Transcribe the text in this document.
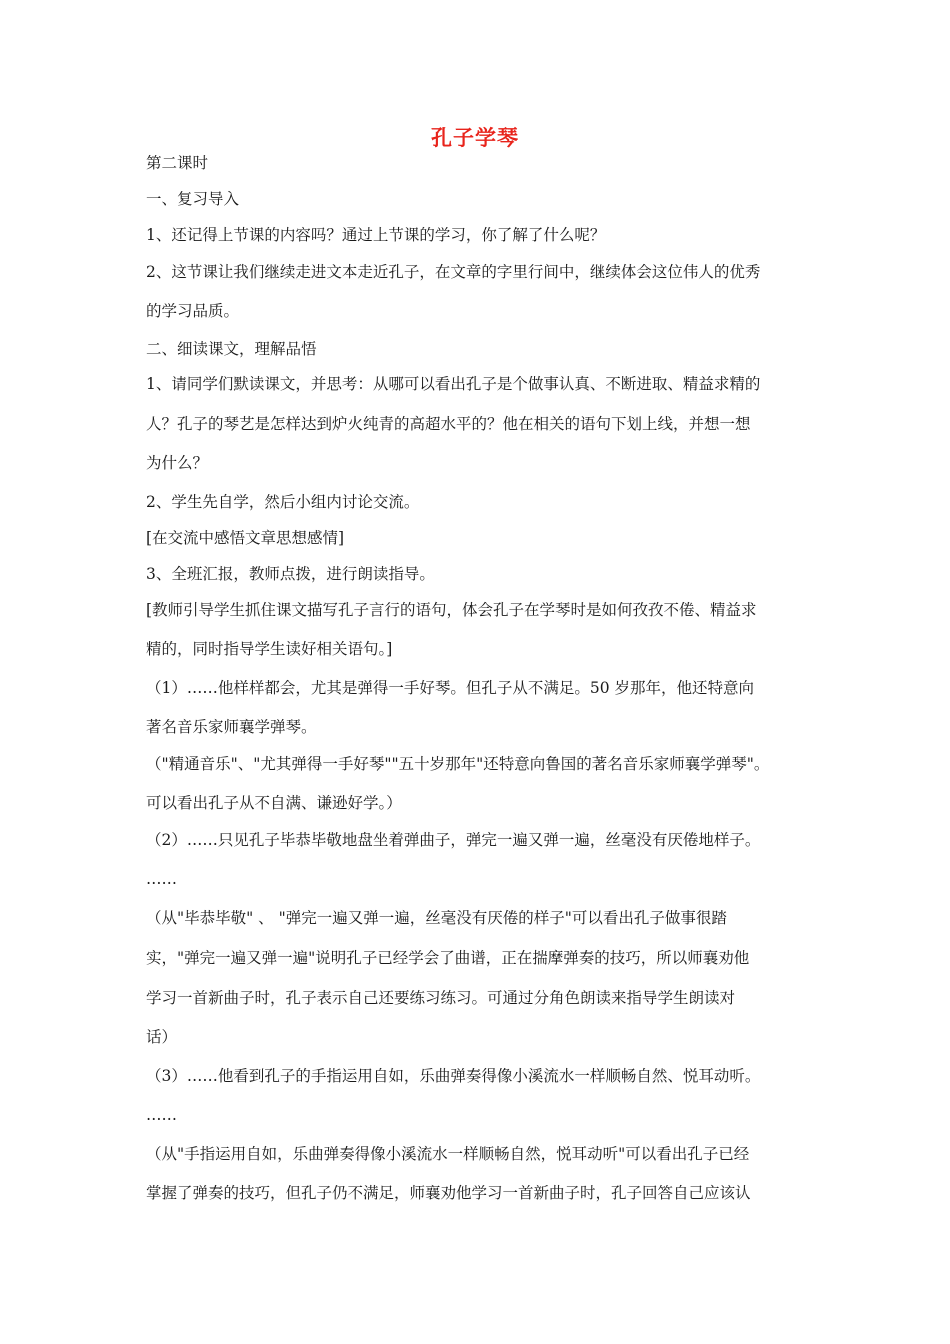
孔子学琴

第二课时

一、复习导入

1、还记得上节课的内容吗？通过上节课的学习，你了解了什么呢？

2、这节课让我们继续走进文本走近孔子，在文章的字里行间中，继续体会这位伟人的优秀

的学习品质。

二、细读课文，理解品悟

1、请同学们默读课文，并思考：从哪可以看出孔子是个做事认真、不断进取、精益求精的

人？孔子的琴艺是怎样达到炉火纯青的高超水平的？他在相关的语句下划上线，并想一想

为什么？

2、学生先自学，然后小组内讨论交流。

[在交流中感悟文章思想感情]

3、全班汇报，教师点拨，进行朗读指导。

[教师引导学生抓住课文描写孔子言行的语句，体会孔子在学琴时是如何孜孜不倦、精益求

精的，同时指导学生读好相关语句。]

（1）……他样样都会，尤其是弹得一手好琴。但孔子从不满足。50 岁那年，他还特意向

著名音乐家师襄学弹琴。

（"精通音乐"、"尤其弹得一手好琴""五十岁那年"还特意向鲁国的著名音乐家师襄学弹琴"。

可以看出孔子从不自满、谦逊好学。）

（2）……只见孔子毕恭毕敬地盘坐着弹曲子，弹完一遍又弹一遍，丝毫没有厌倦地样子。

……

（从"毕恭毕敬" 、 "弹完一遍又弹一遍，丝毫没有厌倦的样子"可以看出孔子做事很踏

实，"弹完一遍又弹一遍"说明孔子已经学会了曲谱，正在揣摩弹奏的技巧，所以师襄劝他

学习一首新曲子时，孔子表示自己还要练习练习。可通过分角色朗读来指导学生朗读对

话）

（3）……他看到孔子的手指运用自如，乐曲弹奏得像小溪流水一样顺畅自然、悦耳动听。

……

（从"手指运用自如，乐曲弹奏得像小溪流水一样顺畅自然，悦耳动听"可以看出孔子已经

掌握了弹奏的技巧，但孔子仍不满足，师襄劝他学习一首新曲子时，孔子回答自己应该认
